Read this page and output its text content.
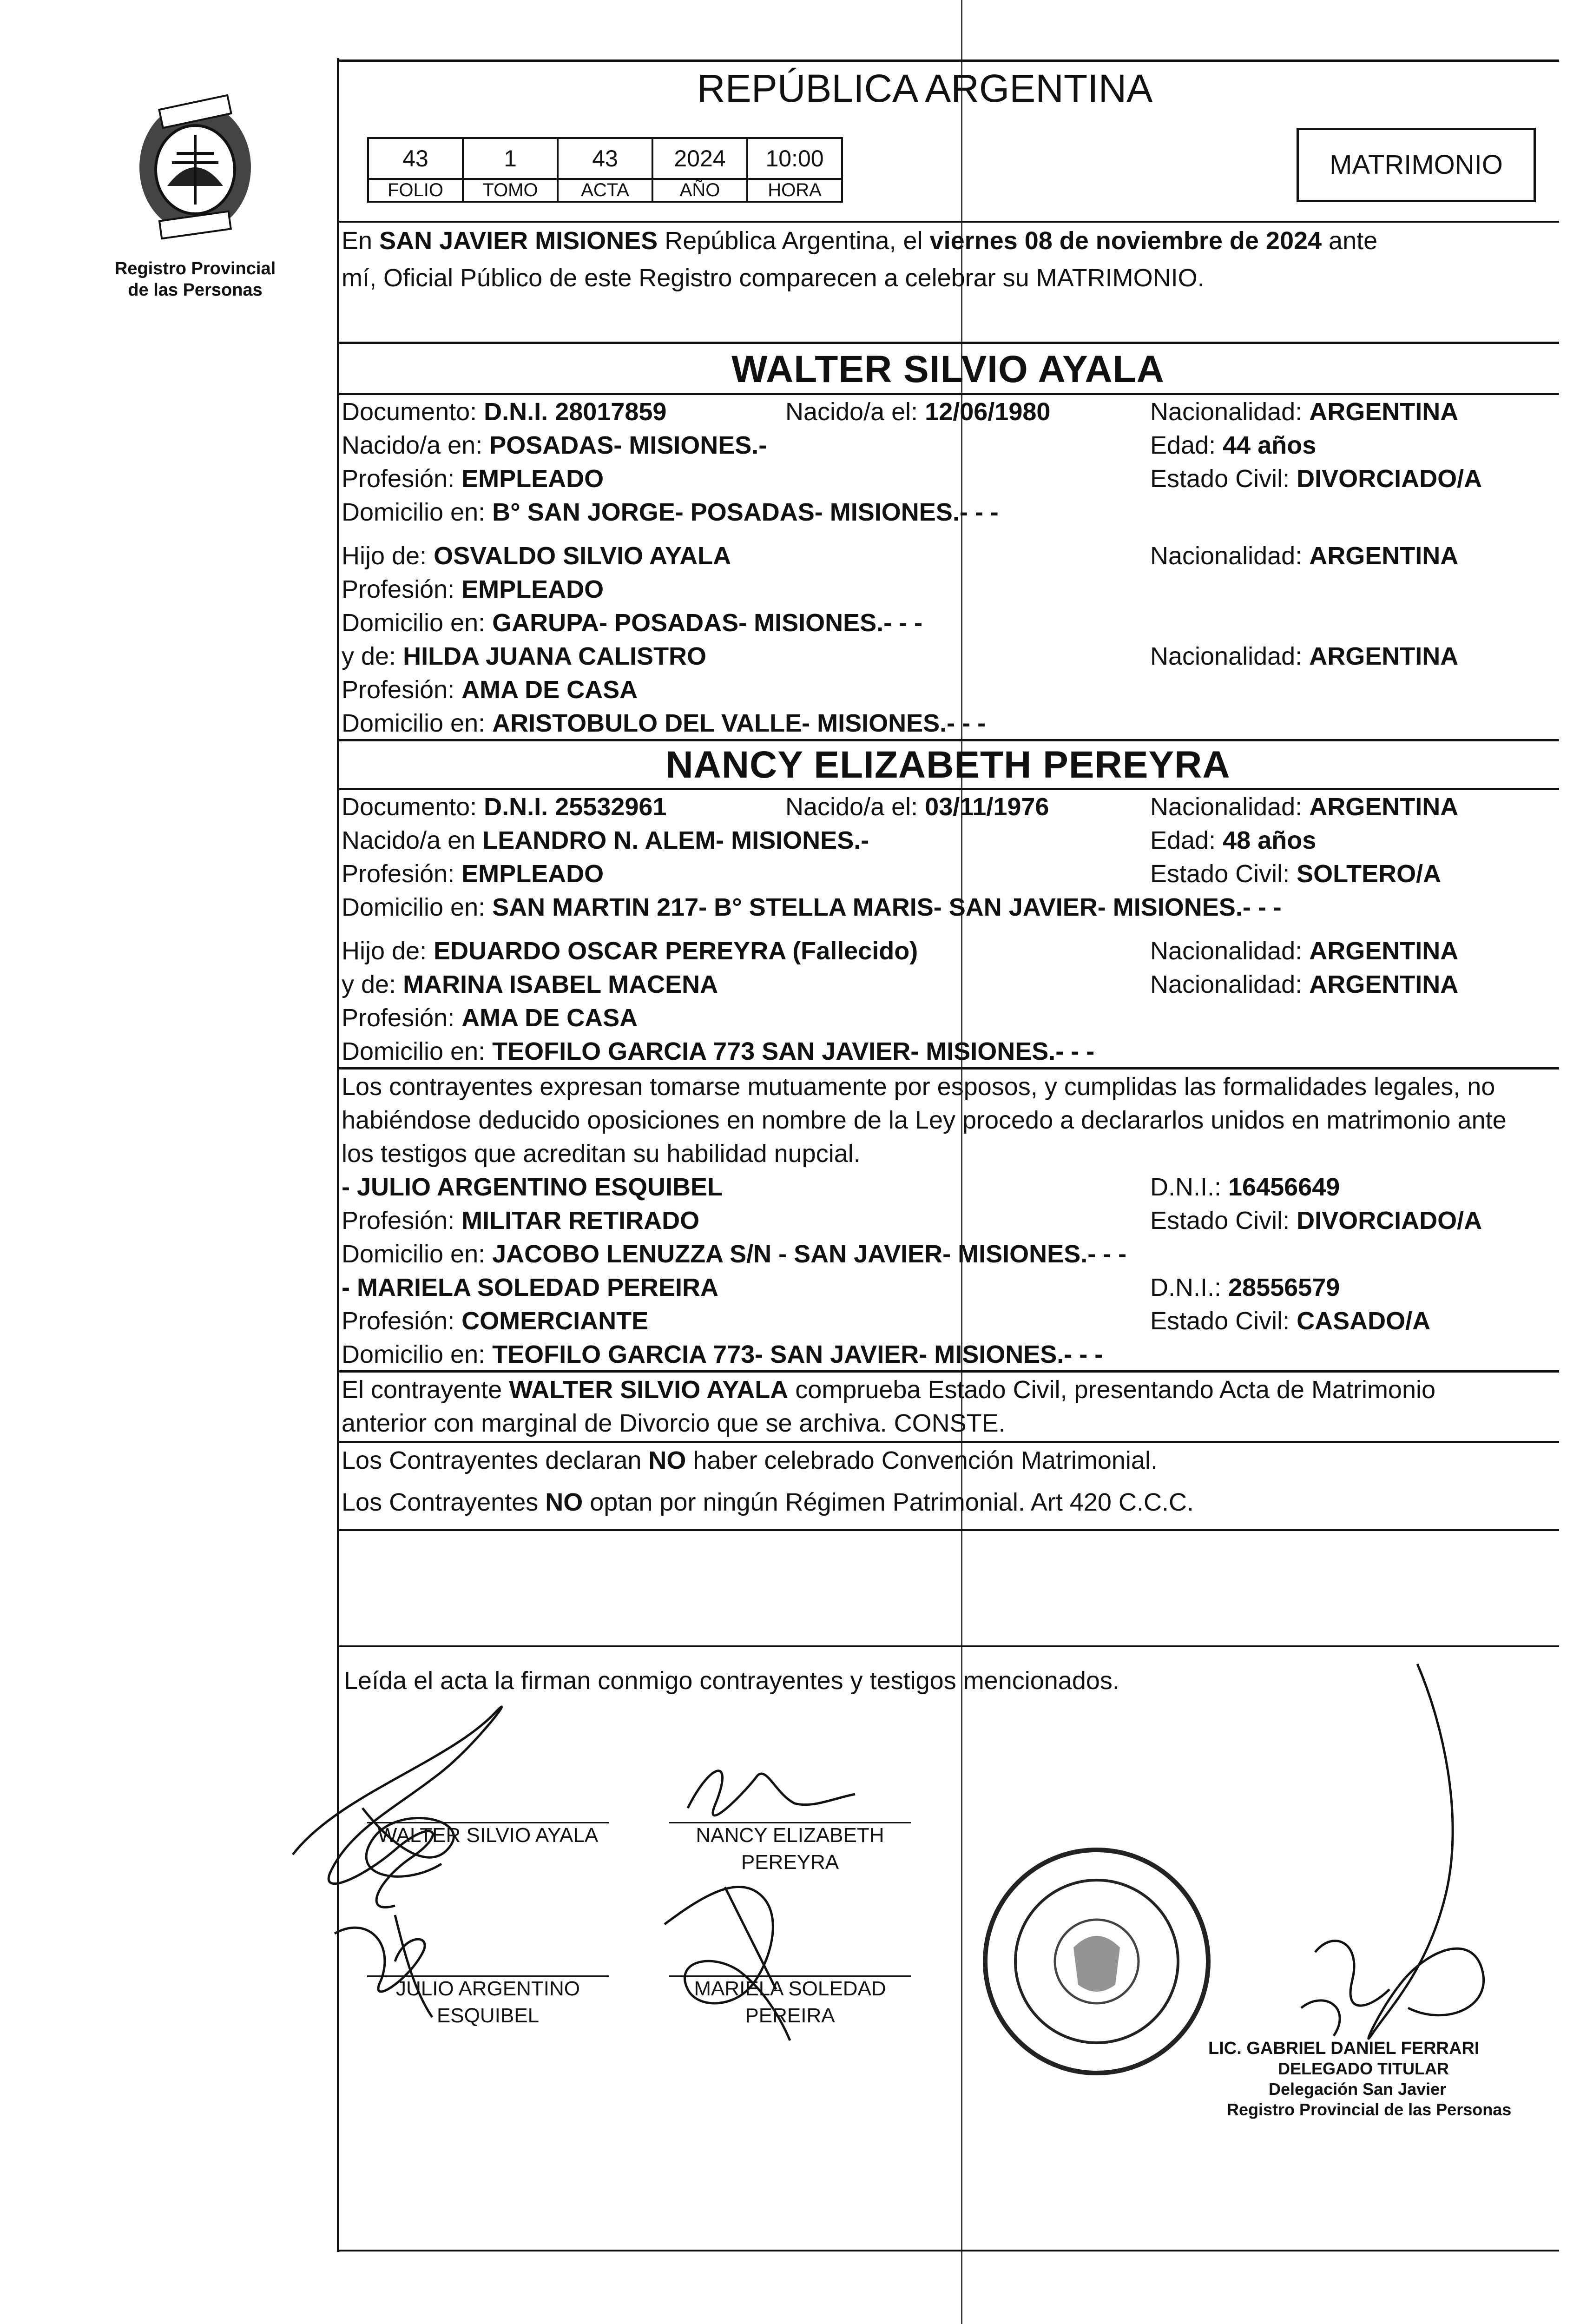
Registro Provincial
de las Personas
REPÚBLICA ARGENTINA
43	1	43	2024	10:00
FOLIO	TOMO	ACTA	AÑO	HORA
MATRIMONIO
En SAN JAVIER MISIONES República Argentina, el viernes 08 de noviembre de 2024 ante
mí, Oficial Público de este Registro comparecen a celebrar su MATRIMONIO.
WALTER SILVIO AYALA
Documento: D.N.I. 28017859	Nacido/a el: 12/06/1980	Nacionalidad: ARGENTINA
Nacido/a en: POSADAS- MISIONES.-	Edad: 44 años
Profesión: EMPLEADO	Estado Civil: DIVORCIADO/A
Domicilio en: B° SAN JORGE- POSADAS- MISIONES.- - -
Hijo de: OSVALDO SILVIO AYALA	Nacionalidad: ARGENTINA
Profesión: EMPLEADO
Domicilio en: GARUPA- POSADAS- MISIONES.- - -
y de: HILDA JUANA CALISTRO	Nacionalidad: ARGENTINA
Profesión: AMA DE CASA
Domicilio en: ARISTOBULO DEL VALLE- MISIONES.- - -
NANCY ELIZABETH PEREYRA
Documento: D.N.I. 25532961	Nacido/a el: 03/11/1976	Nacionalidad: ARGENTINA
Nacido/a en LEANDRO N. ALEM- MISIONES.-	Edad: 48 años
Profesión: EMPLEADO	Estado Civil: SOLTERO/A
Domicilio en: SAN MARTIN 217- B° STELLA MARIS- SAN JAVIER- MISIONES.- - -
Hijo de: EDUARDO OSCAR PEREYRA (Fallecido)	Nacionalidad: ARGENTINA
y de: MARINA ISABEL MACENA	Nacionalidad: ARGENTINA
Profesión: AMA DE CASA
Domicilio en: TEOFILO GARCIA 773 SAN JAVIER- MISIONES.- - -
Los contrayentes expresan tomarse mutuamente por esposos, y cumplidas las formalidades legales, no
habiéndose deducido oposiciones en nombre de la Ley procedo a declararlos unidos en matrimonio ante
los testigos que acreditan su habilidad nupcial.
- JULIO ARGENTINO ESQUIBEL	D.N.I.: 16456649
Profesión: MILITAR RETIRADO	Estado Civil: DIVORCIADO/A
Domicilio en: JACOBO LENUZZA S/N - SAN JAVIER- MISIONES.- - -
- MARIELA SOLEDAD PEREIRA	D.N.I.: 28556579
Profesión: COMERCIANTE	Estado Civil: CASADO/A
Domicilio en: TEOFILO GARCIA 773- SAN JAVIER- MISIONES.- - -
El contrayente WALTER SILVIO AYALA comprueba Estado Civil, presentando Acta de Matrimonio
anterior con marginal de Divorcio que se archiva. CONSTE.
Los Contrayentes declaran NO haber celebrado Convención Matrimonial.
Los Contrayentes NO optan por ningún Régimen Patrimonial. Art 420 C.C.C.
Leída el acta la firman conmigo contrayentes y testigos mencionados.
WALTER SILVIO AYALA	NANCY ELIZABETH
PEREYRA
JULIO ARGENTINO
ESQUIBEL
MARIELA SOLEDAD
PEREIRA
LIC. GABRIEL DANIEL FERRARI
DELEGADO TITULAR
Delegación San Javier
Registro Provincial de las Personas
